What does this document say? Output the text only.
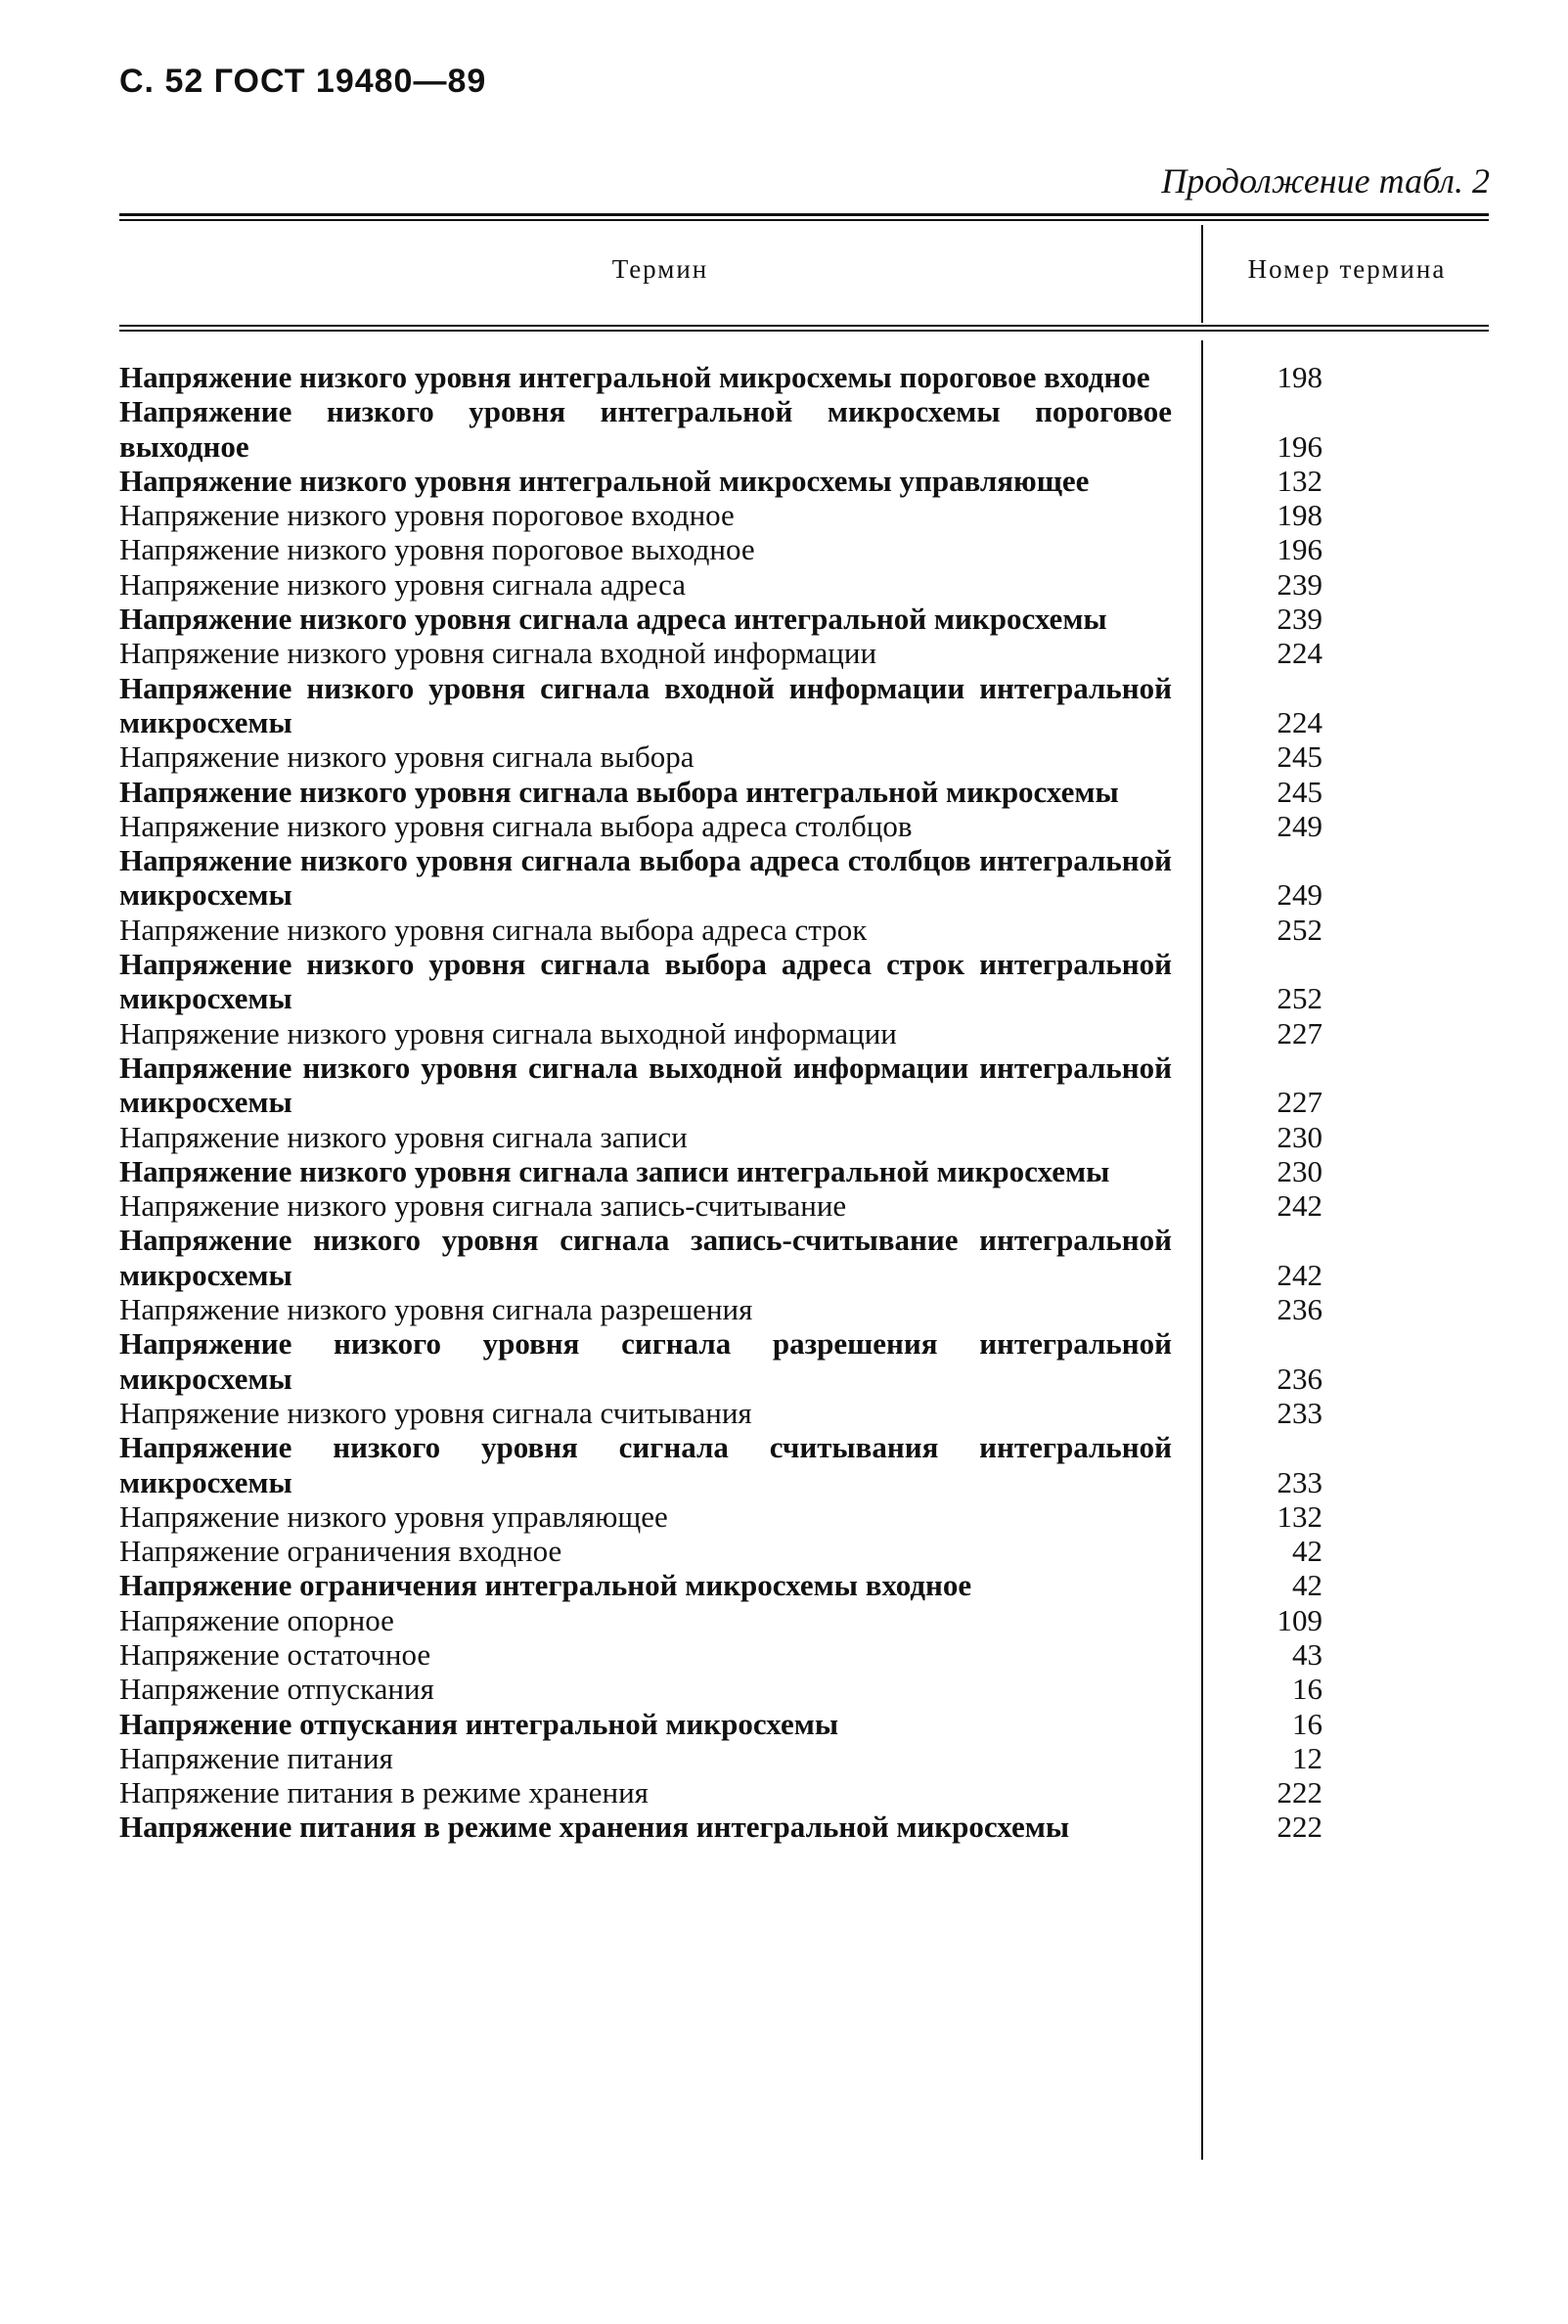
С. 52 ГОСТ 19480—89
Продолжение табл. 2
Термин	Номер термина
Напряжение низкого уровня интегральной микросхемы пороговое входное	198
Напряжение низкого уровня интегральной микросхемы пороговое выходное	196
Напряжение низкого уровня интегральной микросхемы управляющее	132
Напряжение низкого уровня пороговое входное	198
Напряжение низкого уровня пороговое выходное	196
Напряжение низкого уровня сигнала адреса	239
Напряжение низкого уровня сигнала адреса интегральной микросхемы	239
Напряжение низкого уровня сигнала входной информации	224
Напряжение низкого уровня сигнала входной информации интегральной микросхемы	224
Напряжение низкого уровня сигнала выбора	245
Напряжение низкого уровня сигнала выбора интегральной микросхемы	245
Напряжение низкого уровня сигнала выбора адреса столбцов	249
Напряжение низкого уровня сигнала выбора адреса столбцов интегральной микросхемы	249
Напряжение низкого уровня сигнала выбора адреса строк	252
Напряжение низкого уровня сигнала выбора адреса строк интегральной микросхемы	252
Напряжение низкого уровня сигнала выходной информации	227
Напряжение низкого уровня сигнала выходной информации интегральной микросхемы	227
Напряжение низкого уровня сигнала записи	230
Напряжение низкого уровня сигнала записи интегральной микросхемы	230
Напряжение низкого уровня сигнала запись-считывание	242
Напряжение низкого уровня сигнала запись-считывание интегральной микросхемы	242
Напряжение низкого уровня сигнала разрешения	236
Напряжение низкого уровня сигнала разрешения интегральной микросхемы	236
Напряжение низкого уровня сигнала считывания	233
Напряжение низкого уровня сигнала считывания интегральной микросхемы	233
Напряжение низкого уровня управляющее	132
Напряжение ограничения входное	42
Напряжение ограничения интегральной микросхемы входное	42
Напряжение опорное	109
Напряжение остаточное	43
Напряжение отпускания	16
Напряжение отпускания интегральной микросхемы	16
Напряжение питания	12
Напряжение питания в режиме хранения	222
Напряжение питания в режиме хранения интегральной микросхемы	222
